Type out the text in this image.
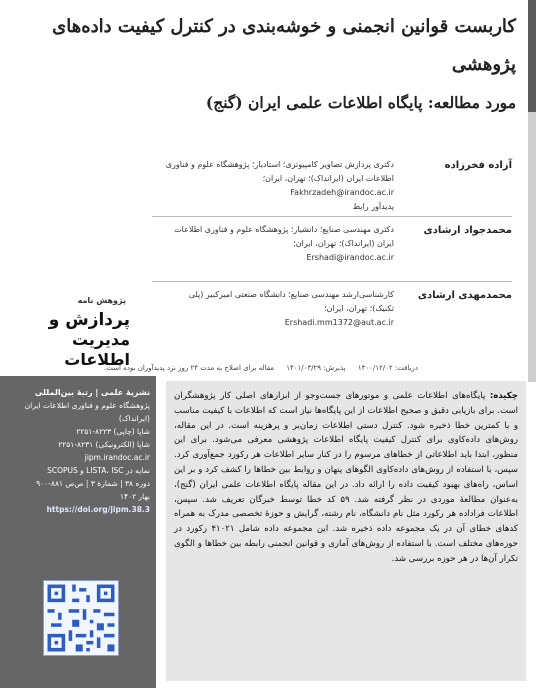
کاربست قوانین انجمنی و خوشه‌بندی در کنترل کیفیت داده‌های پژوهشی
مورد مطالعه: پایگاه اطلاعات علمی ایران (گنج)
آزاده فخرزاده
دکتری پردازش تصاویر کامپیوتری؛ استادیار؛ پژوهشگاه علوم و فناوری اطلاعات ایران (ایرانداک)؛ تهران، ایران؛
Fakhrzadeh@irandoc.ac.ir
پدیدآور رابط
محمدجواد ارشادی
دکتری مهندسی صنایع؛ دانشیار؛ پژوهشگاه علوم و فناوری اطلاعات ایران (ایرانداک)؛ تهران، ایران؛
Ershadi@irandoc.ac.ir
محمدمهدی ارشادی
کارشناسی‌ارشد مهندسی صنایع؛ دانشگاه صنعتی امیرکبیر (پلی تکنیک)؛ تهران، ایران؛
Ershadi.mm1372@aut.ac.ir
پژوهش نامه
پردازش و
مدیریت
اطلاعات	دریافت: ۱۴۰۰/۱۲/۰۲ پذیرش: ۱۴۰۱/۰۳/۲۹ مقاله برای اصلاح به مدت ۲۴ روز نزد پدیدآوران بوده است.
نشریهٔ علمی | رتبهٔ بین‌المللی
پژوهشگاه علوم و فناوری اطلاعات ایران (ایرانداک)
شاپا (چاپی) ۸۲۲۳-۲۲۵۱
شاپا (الکترونیکی) ۸۲۳۱-۲۲۵۱
jipm.irandoc.ac.ir
نمایه در LISTA، ISC و SCOPUS
دوره ۳۸ | شمارهٔ ۳ | ص‌ص ۸۸۱-۹۰۰
بهار ۱۴۰۲
https://doi.org/jipm.38.3

چکیده: پایگاه‌های اطلاعات علمی و موتورهای جست‌وجو از ابزارهای اصلی کار پژوهشگران است. برای بازیابی دقیق و صحیح اطلاعات از این پایگاه‌ها نیاز است که اطلاعات با کیفیت مناسب و با کمترین خطا ذخیره شود. کنترل دستی اطلاعات زمان‌بر و پرهزینه است. در این مقاله، روش‌های داده‌کاوی برای کنترل کیفیت پایگاه اطلاعات پژوهشی معرفی می‌شود. برای این منظور، ابتدا باید اطلاعاتی از خطاهای مرسوم را در کنار سایر اطلاعات هر رکورد جمع‌آوری کرد. سپس، با استفاده از روش‌های داده‌کاوی الگوهای پنهان و روابط بین خطاها را کشف کرد و بر این اساس، راه‌های بهبود کیفیت داده را ارائه داد. در این مقاله پایگاه اطلاعات علمی ایران (گنج)، به‌عنوان مطالعهٔ موردی در نظر گرفته شد. ۵۹ کد خطا توسط خبرگان تعریف شد. سپس، اطلاعات فراداده هر رکورد مثل نام دانشگاه، نام رشته، گرایش و حوزهٔ تخصصی مدرک به همراه کدهای خطای آن در یک مجموعه داده ذخیره شد. این مجموعه داده شامل ۴۱۰۲۱ رکورد در حوزه‌های مختلف است. با استفاده از روش‌های آماری و قوانین انجمنی رابطه بین خطاها و الگوی تکرار آن‌ها در هر حوزه بررسی شد.
